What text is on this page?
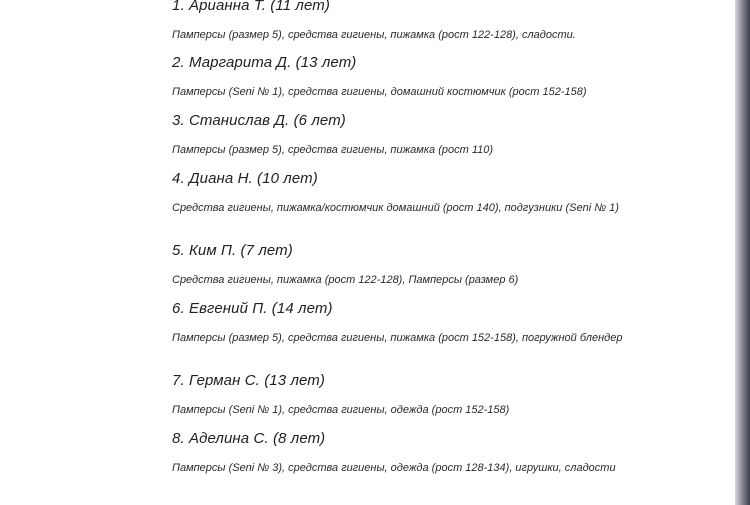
1. Арианна Т. (11 лет)
Памперсы (размер 5), средства гигиены, пижамка (рост 122-128), сладости.
2. Маргарита Д. (13 лет)
Памперсы (Seni № 1), средства гигиены, домашний костюмчик (рост 152-158)
3. Станислав Д. (6 лет)
Памперсы (размер 5), средства гигиены, пижамка (рост 110)
4. Диана Н. (10 лет)
Средства гигиены, пижамка/костюмчик домашний (рост 140), подгузники (Seni № 1)
5. Ким П. (7 лет)
Средства гигиены, пижамка (рост 122-128), Памперсы (размер 6)
6. Евгений П. (14 лет)
Памперсы (размер 5), средства гигиены, пижамка (рост 152-158), погружной блендер
7. Герман С. (13 лет)
Памперсы (Seni № 1), средства гигиены, одежда (рост 152-158)
8. Аделина С. (8 лет)
Памперсы (Seni № 3), средства гигиены, одежда (рост 128-134), игрушки, сладости
